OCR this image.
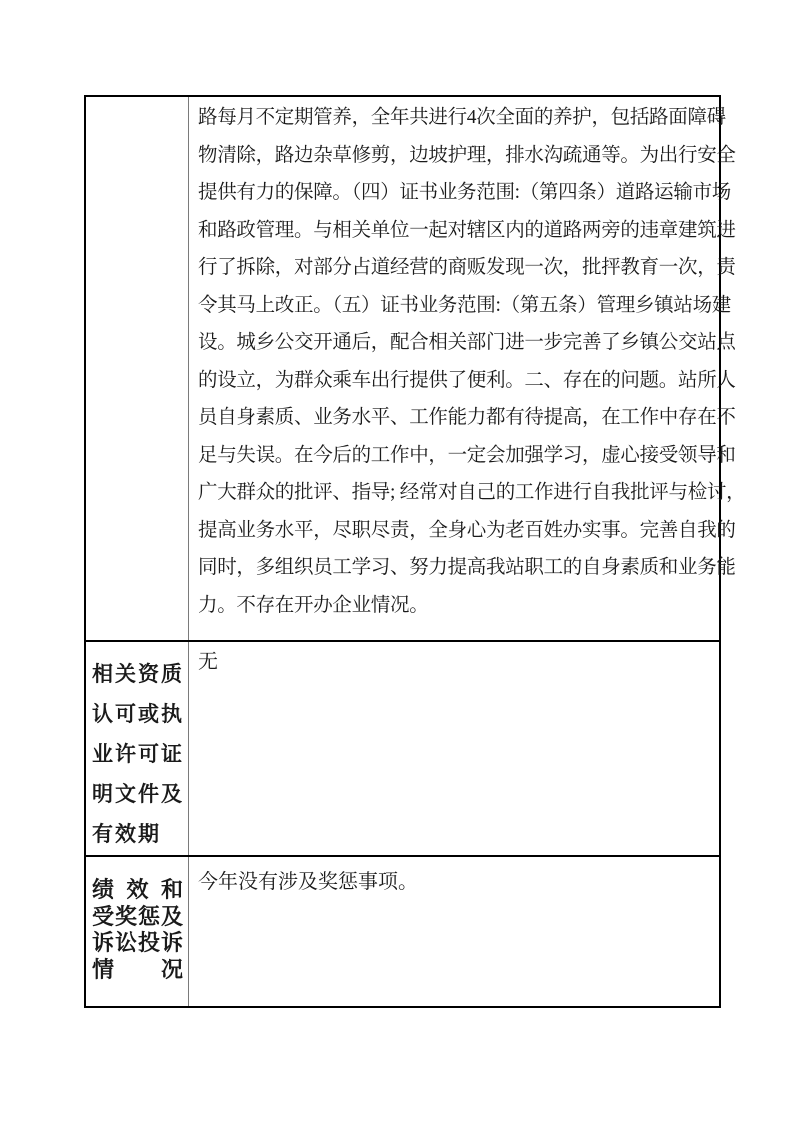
路每月不定期管养，全年共进行4次全面的养护，包括路面障碍
物清除，路边杂草修剪，边坡护理，排水沟疏通等。为出行安全
提供有力的保障。（四）证书业务范围:（第四条）道路运输市场
和路政管理。与相关单位一起对辖区内的道路两旁的违章建筑进
行了拆除，对部分占道经营的商贩发现一次，批抨教育一次，责
令其马上改正。（五）证书业务范围:（第五条）管理乡镇站场建
设。城乡公交开通后，配合相关部门进一步完善了乡镇公交站点
的设立，为群众乘车出行提供了便利。二、存在的问题。站所人
员自身素质、业务水平、工作能力都有待提高，在工作中存在不
足与失误。在今后的工作中，一定会加强学习，虚心接受领导和
广大群众的批评、指导; 经常对自己的工作进行自我批评与检讨，
提高业务水平，尽职尽责，全身心为老百姓办实事。完善自我的
同时，多组织员工学习、努力提高我站职工的自身素质和业务能
力。不存在开办企业情况。
相关资质
认可或执
业许可证
明文件及
有效期
无
绩 效 和
受奖惩及
诉讼投诉
情 况
今年没有涉及奖惩事项。
